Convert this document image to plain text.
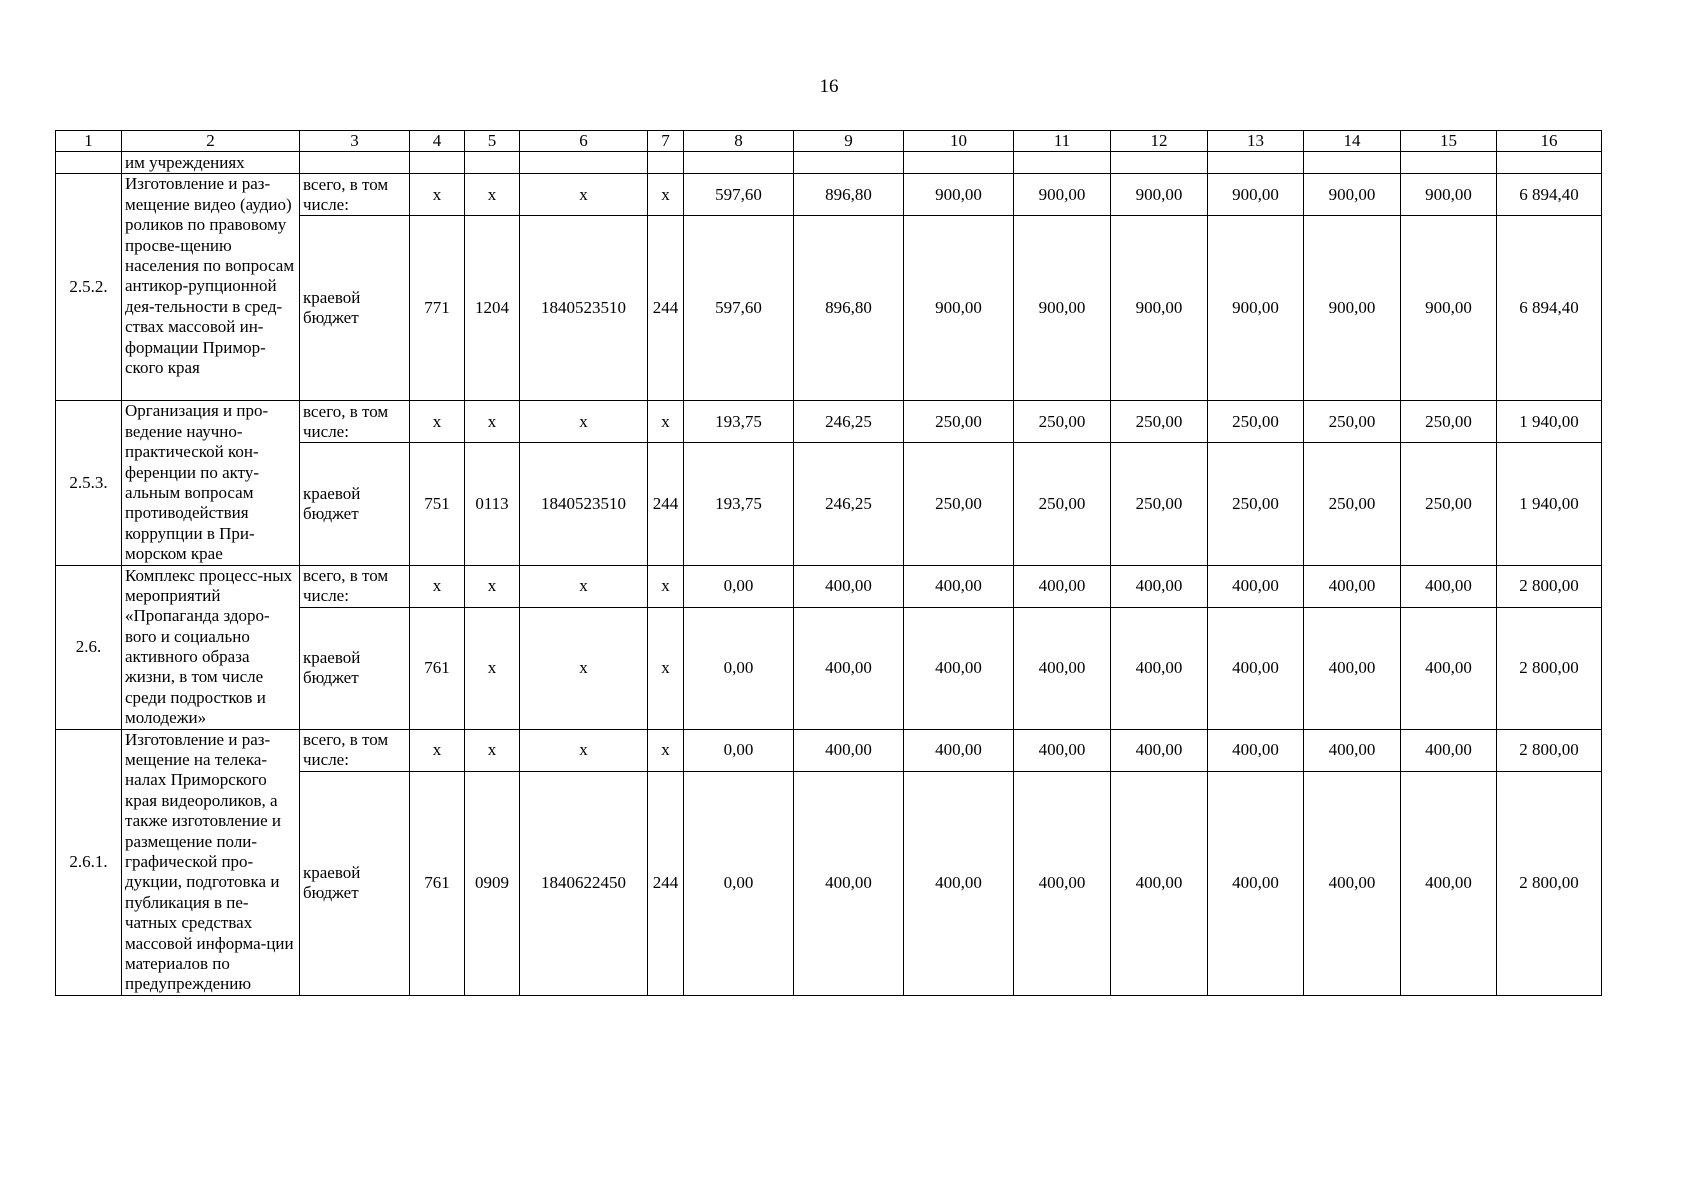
16
1	2	3	4	5	6	7	8	9	10	11	12	13	14	15	16
	им учреждениях														
2.5.2.	Изготовление и раз-мещение видео (аудио) роликов по правовому просве-щению населения по вопросам антикор-рупционной дея-тельности в сред-ствах массовой ин-формации Примор-ского края	всего, в том числе:	x	x	x	x	597,60	896,80	900,00	900,00	900,00	900,00	900,00	900,00	6 894,40
		краевой бюджет	771	1204	1840523510	244	597,60	896,80	900,00	900,00	900,00	900,00	900,00	900,00	6 894,40
2.5.3.	Организация и про-ведение научно-практической кон-ференции по акту-альным вопросам противодействия коррупции в При-морском крае	всего, в том числе:	x	x	x	x	193,75	246,25	250,00	250,00	250,00	250,00	250,00	250,00	1 940,00
		краевой бюджет	751	0113	1840523510	244	193,75	246,25	250,00	250,00	250,00	250,00	250,00	250,00	1 940,00
2.6.	Комплекс процесс-ных мероприятий «Пропаганда здоро-вого и социально активного образа жизни, в том числе среди подростков и молодежи»	всего, в том числе:	x	x	x	x	0,00	400,00	400,00	400,00	400,00	400,00	400,00	400,00	2 800,00
		краевой бюджет	761	x	x	x	0,00	400,00	400,00	400,00	400,00	400,00	400,00	400,00	2 800,00
2.6.1.	Изготовление и раз-мещение на телека-налах Приморского края видеороликов, а также изготовление и размещение поли-графической про-дукции, подготовка и публикация в пе-чатных средствах массовой информа-ции материалов по предупреждению	всего, в том числе:	x	x	x	x	0,00	400,00	400,00	400,00	400,00	400,00	400,00	400,00	2 800,00
		краевой бюджет	761	0909	1840622450	244	0,00	400,00	400,00	400,00	400,00	400,00	400,00	400,00	2 800,00
